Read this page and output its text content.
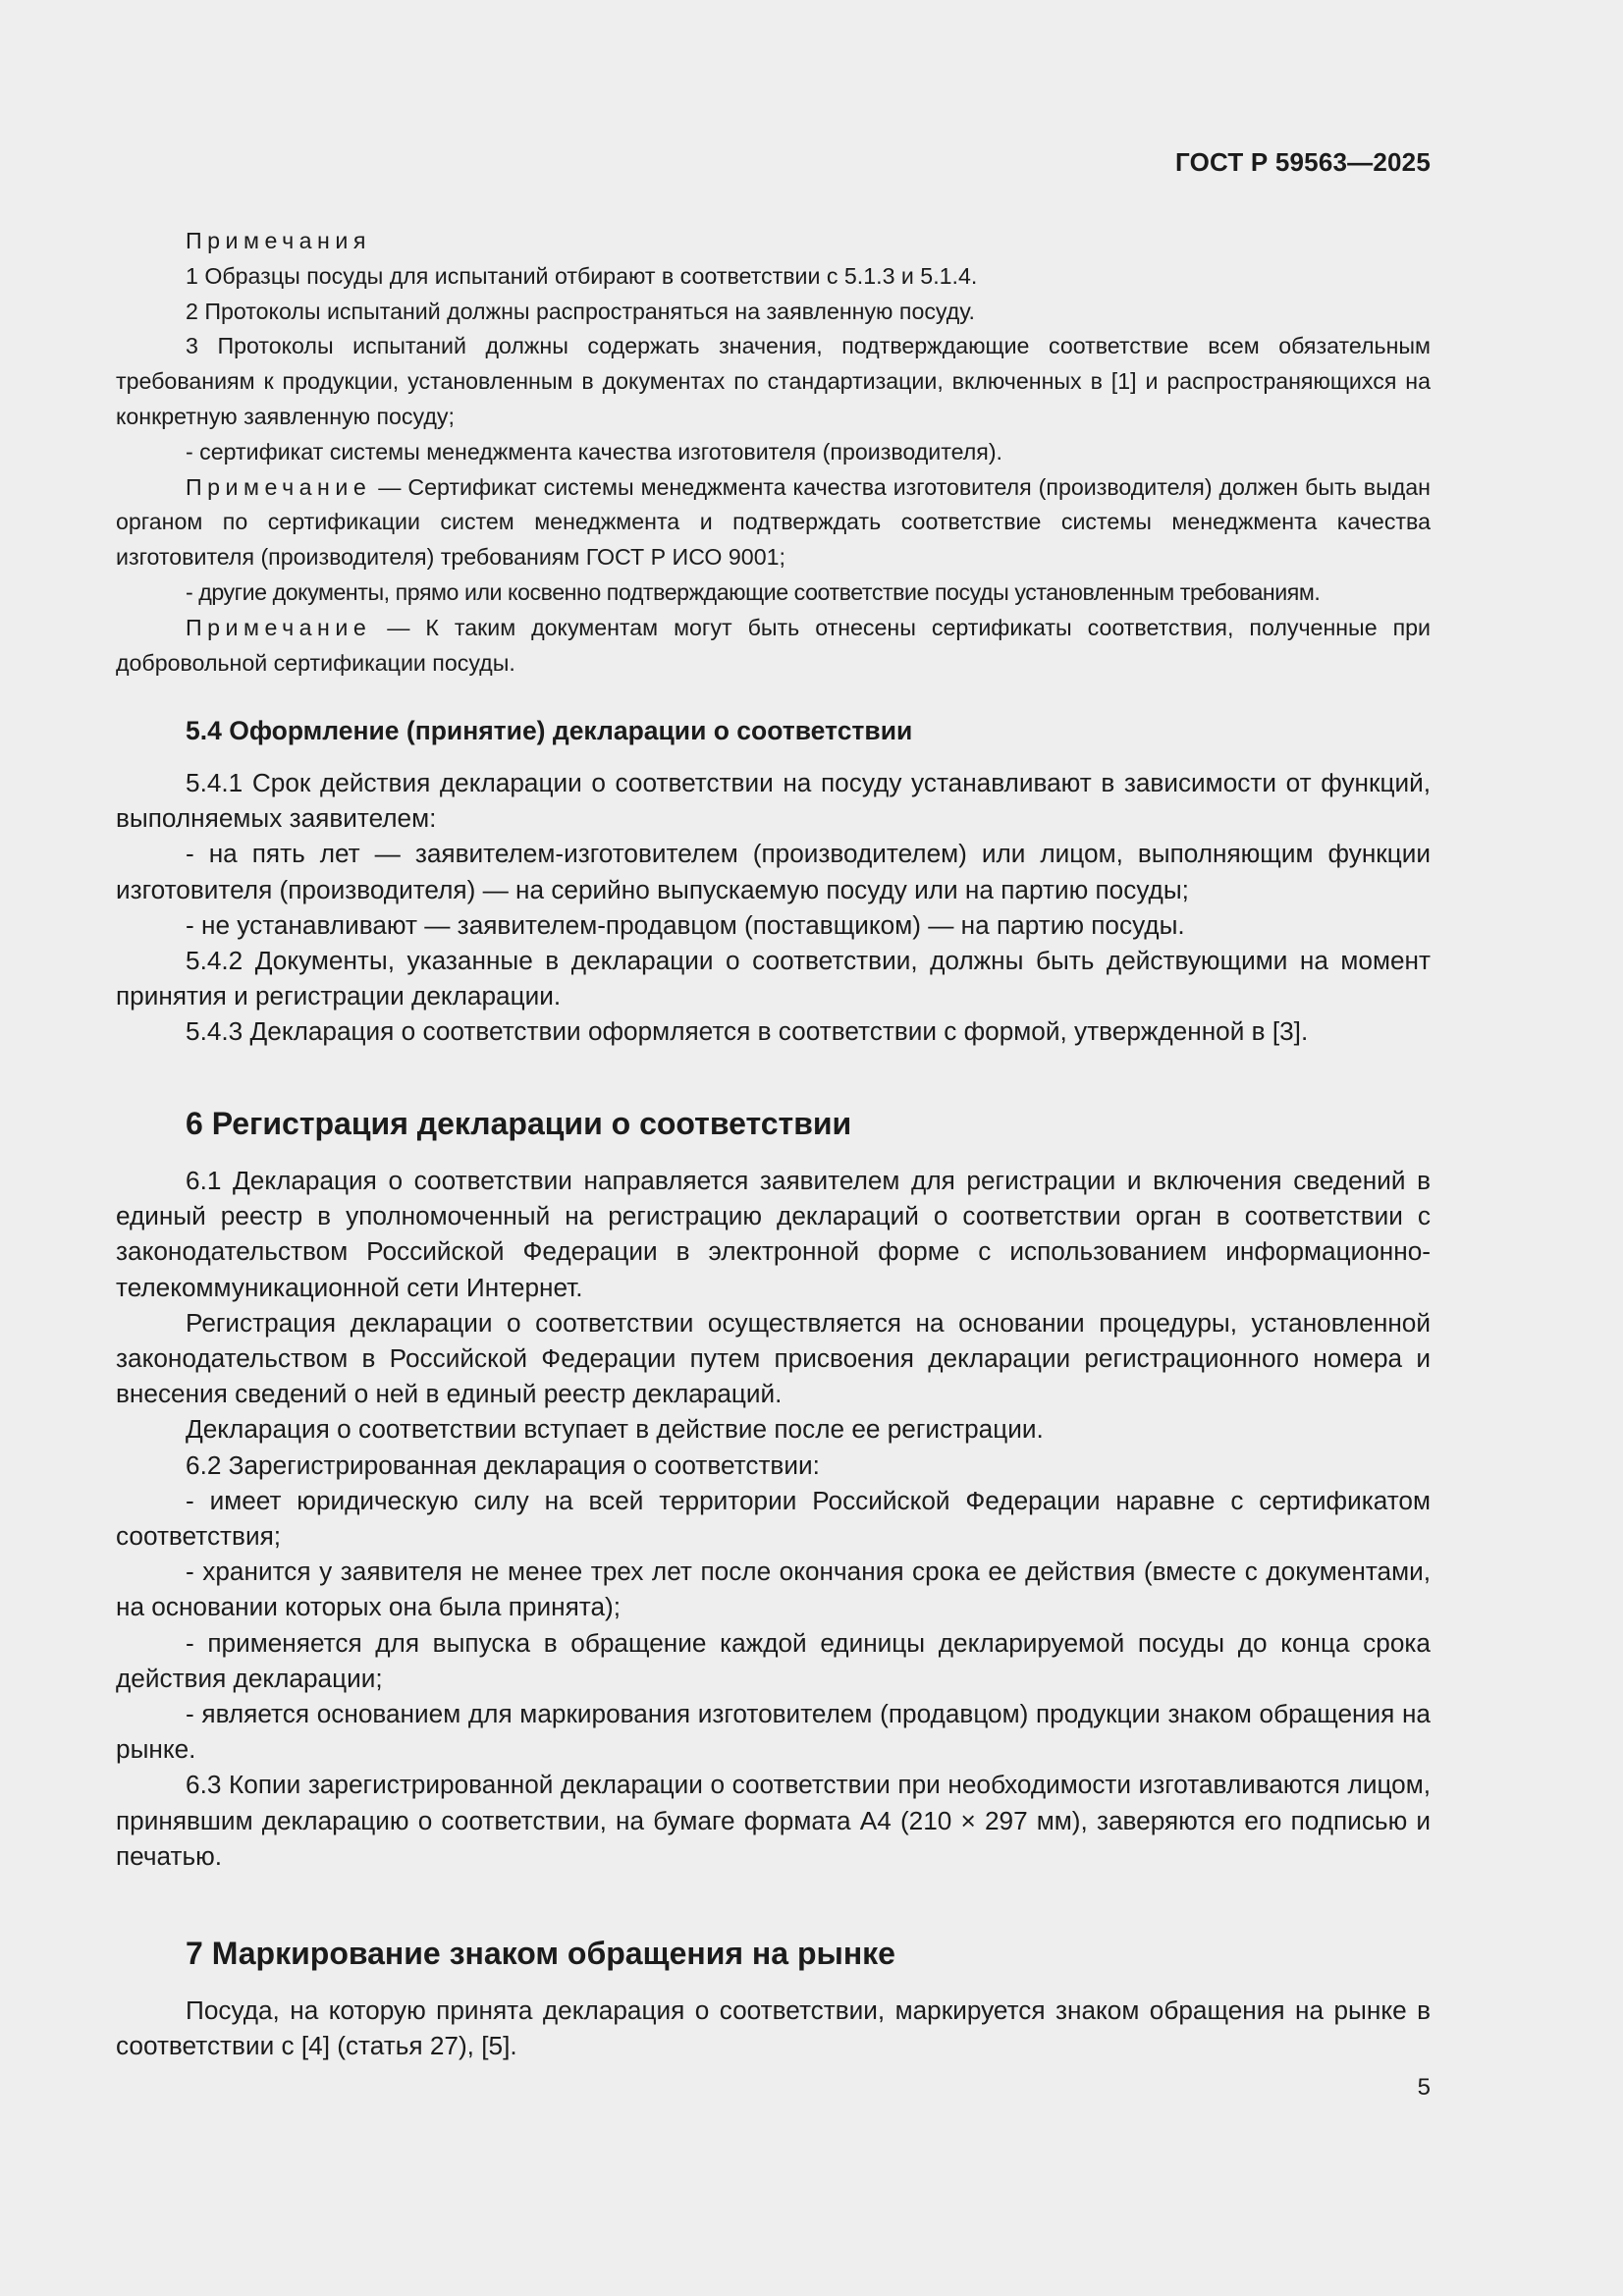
ГОСТ Р 59563—2025

Примечания

1 Образцы посуды для испытаний отбирают в соответствии с 5.1.3 и 5.1.4.

2 Протоколы испытаний должны распространяться на заявленную посуду.

3 Протоколы испытаний должны содержать значения, подтверждающие соответствие всем обязательным требованиям к продукции, установленным в документах по стандартизации, включенных в [1] и распространяющихся на конкретную заявленную посуду;

- сертификат системы менеджмента качества изготовителя (производителя).

Примечание — Сертификат системы менеджмента качества изготовителя (производителя) должен быть выдан органом по сертификации систем менеджмента и подтверждать соответствие системы менеджмента качества изготовителя (производителя) требованиям ГОСТ Р ИСО 9001;

- другие документы, прямо или косвенно подтверждающие соответствие посуды установленным требованиям.

Примечание — К таким документам могут быть отнесены сертификаты соответствия, полученные при добровольной сертификации посуды.

5.4 Оформление (принятие) декларации о соответствии

5.4.1 Срок действия декларации о соответствии на посуду устанавливают в зависимости от функций, выполняемых заявителем:

- на пять лет — заявителем-изготовителем (производителем) или лицом, выполняющим функции изготовителя (производителя) — на серийно выпускаемую посуду или на партию посуды;

- не устанавливают — заявителем-продавцом (поставщиком) — на партию посуды.

5.4.2 Документы, указанные в декларации о соответствии, должны быть действующими на момент принятия и регистрации декларации.

5.4.3 Декларация о соответствии оформляется в соответствии с формой, утвержденной в [3].

6 Регистрация декларации о соответствии

6.1 Декларация о соответствии направляется заявителем для регистрации и включения сведений в единый реестр в уполномоченный на регистрацию деклараций о соответствии орган в соответствии с законодательством Российской Федерации в электронной форме с использованием информационно-телекоммуникационной сети Интернет.

Регистрация декларации о соответствии осуществляется на основании процедуры, установленной законодательством в Российской Федерации путем присвоения декларации регистрационного номера и внесения сведений о ней в единый реестр деклараций.

Декларация о соответствии вступает в действие после ее регистрации.

6.2 Зарегистрированная декларация о соответствии:

- имеет юридическую силу на всей территории Российской Федерации наравне с сертификатом соответствия;

- хранится у заявителя не менее трех лет после окончания срока ее действия (вместе с документами, на основании которых она была принята);

- применяется для выпуска в обращение каждой единицы декларируемой посуды до конца срока действия декларации;

- является основанием для маркирования изготовителем (продавцом) продукции знаком обращения на рынке.

6.3 Копии зарегистрированной декларации о соответствии при необходимости изготавливаются лицом, принявшим декларацию о соответствии, на бумаге формата А4 (210 × 297 мм), заверяются его подписью и печатью.

7 Маркирование знаком обращения на рынке

Посуда, на которую принята декларация о соответствии, маркируется знаком обращения на рынке в соответствии с [4] (статья 27), [5].

5
